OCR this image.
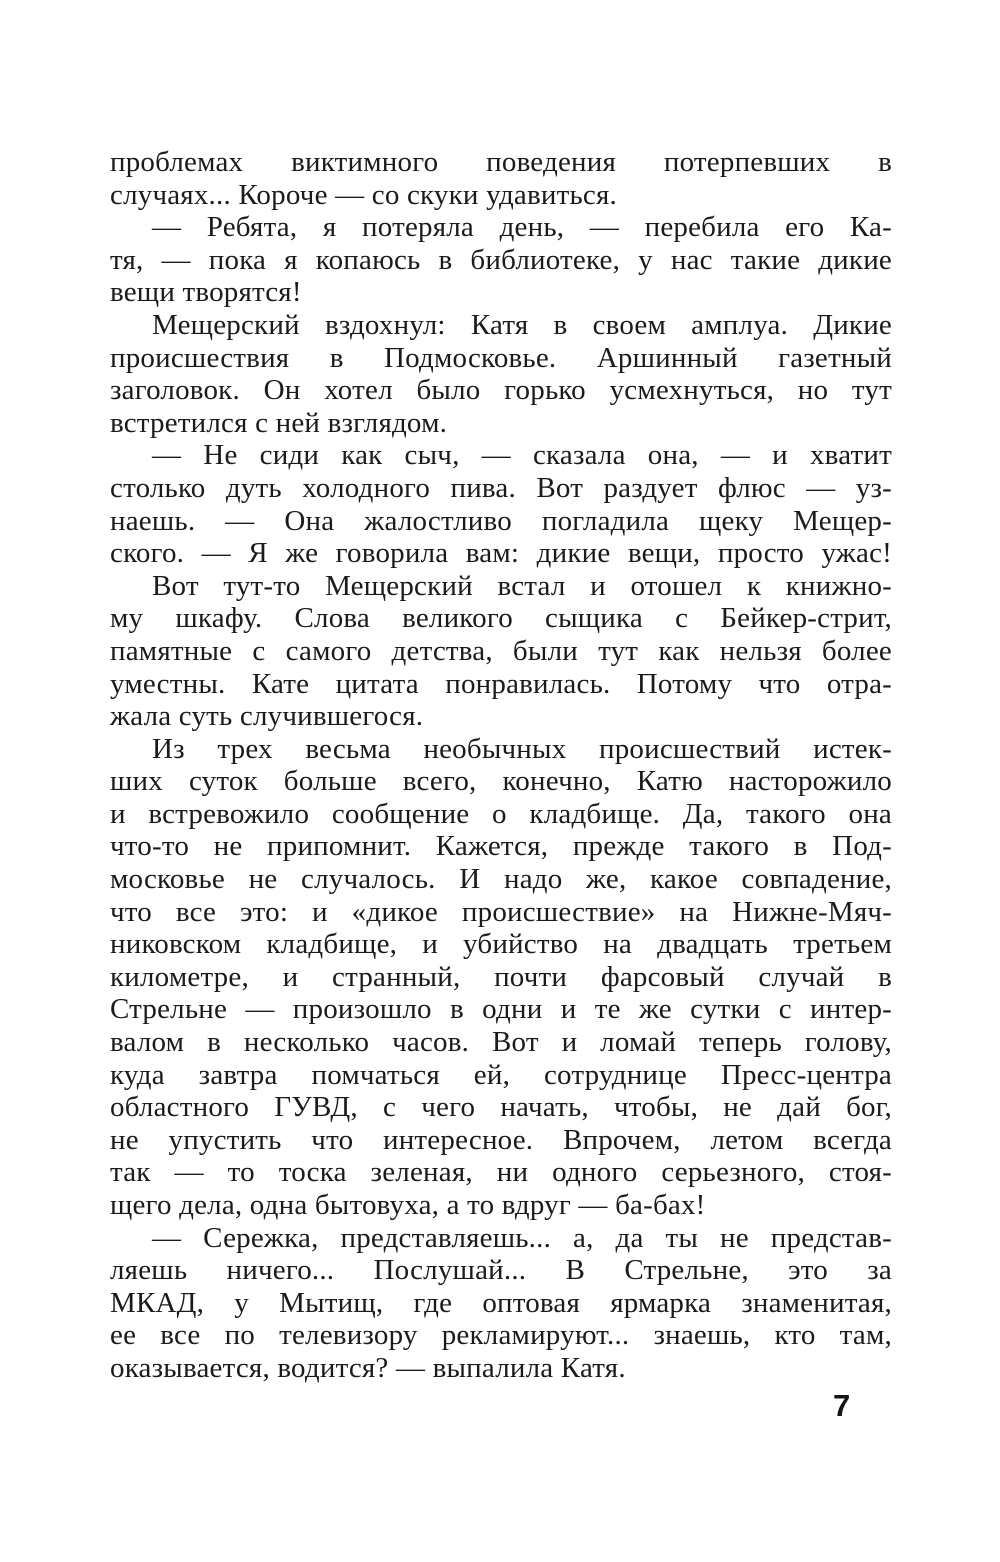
проблемах виктимного поведения потерпевших в
случаях... Короче — со скуки удавиться.
— Ребята, я потеряла день, — перебила его Ка-
тя, — пока я копаюсь в библиотеке, у нас такие дикие
вещи творятся!
Мещерский вздохнул: Катя в своем амплуа. Дикие
происшествия в Подмосковье. Аршинный газетный
заголовок. Он хотел было горько усмехнуться, но тут
встретился с ней взглядом.
— Не сиди как сыч, — сказала она, — и хватит
столько дуть холодного пива. Вот раздует флюс — уз-
наешь. — Она жалостливо погладила щеку Мещер-
ского. — Я же говорила вам: дикие вещи, просто ужас!
Вот тут-то Мещерский встал и отошел к книжно-
му шкафу. Слова великого сыщика с Бейкер-стрит,
памятные с самого детства, были тут как нельзя более
уместны. Кате цитата понравилась. Потому что отра-
жала суть случившегося.
Из трех весьма необычных происшествий истек-
ших суток больше всего, конечно, Катю насторожило
и встревожило сообщение о кладбище. Да, такого она
что-то не припомнит. Кажется, прежде такого в Под-
московье не случалось. И надо же, какое совпадение,
что все это: и «дикое происшествие» на Нижне-Мяч-
никовском кладбище, и убийство на двадцать третьем
километре, и странный, почти фарсовый случай в
Стрельне — произошло в одни и те же сутки с интер-
валом в несколько часов. Вот и ломай теперь голову,
куда завтра помчаться ей, сотруднице Пресс-центра
областного ГУВД, с чего начать, чтобы, не дай бог,
не упустить что интересное. Впрочем, летом всегда
так — то тоска зеленая, ни одного серьезного, стоя-
щего дела, одна бытовуха, а то вдруг — ба-бах!
— Сережка, представляешь... а, да ты не представ-
ляешь ничего... Послушай... В Стрельне, это за
МКАД, у Мытищ, где оптовая ярмарка знаменитая,
ее все по телевизору рекламируют... знаешь, кто там,
оказывается, водится? — выпалила Катя.
7
